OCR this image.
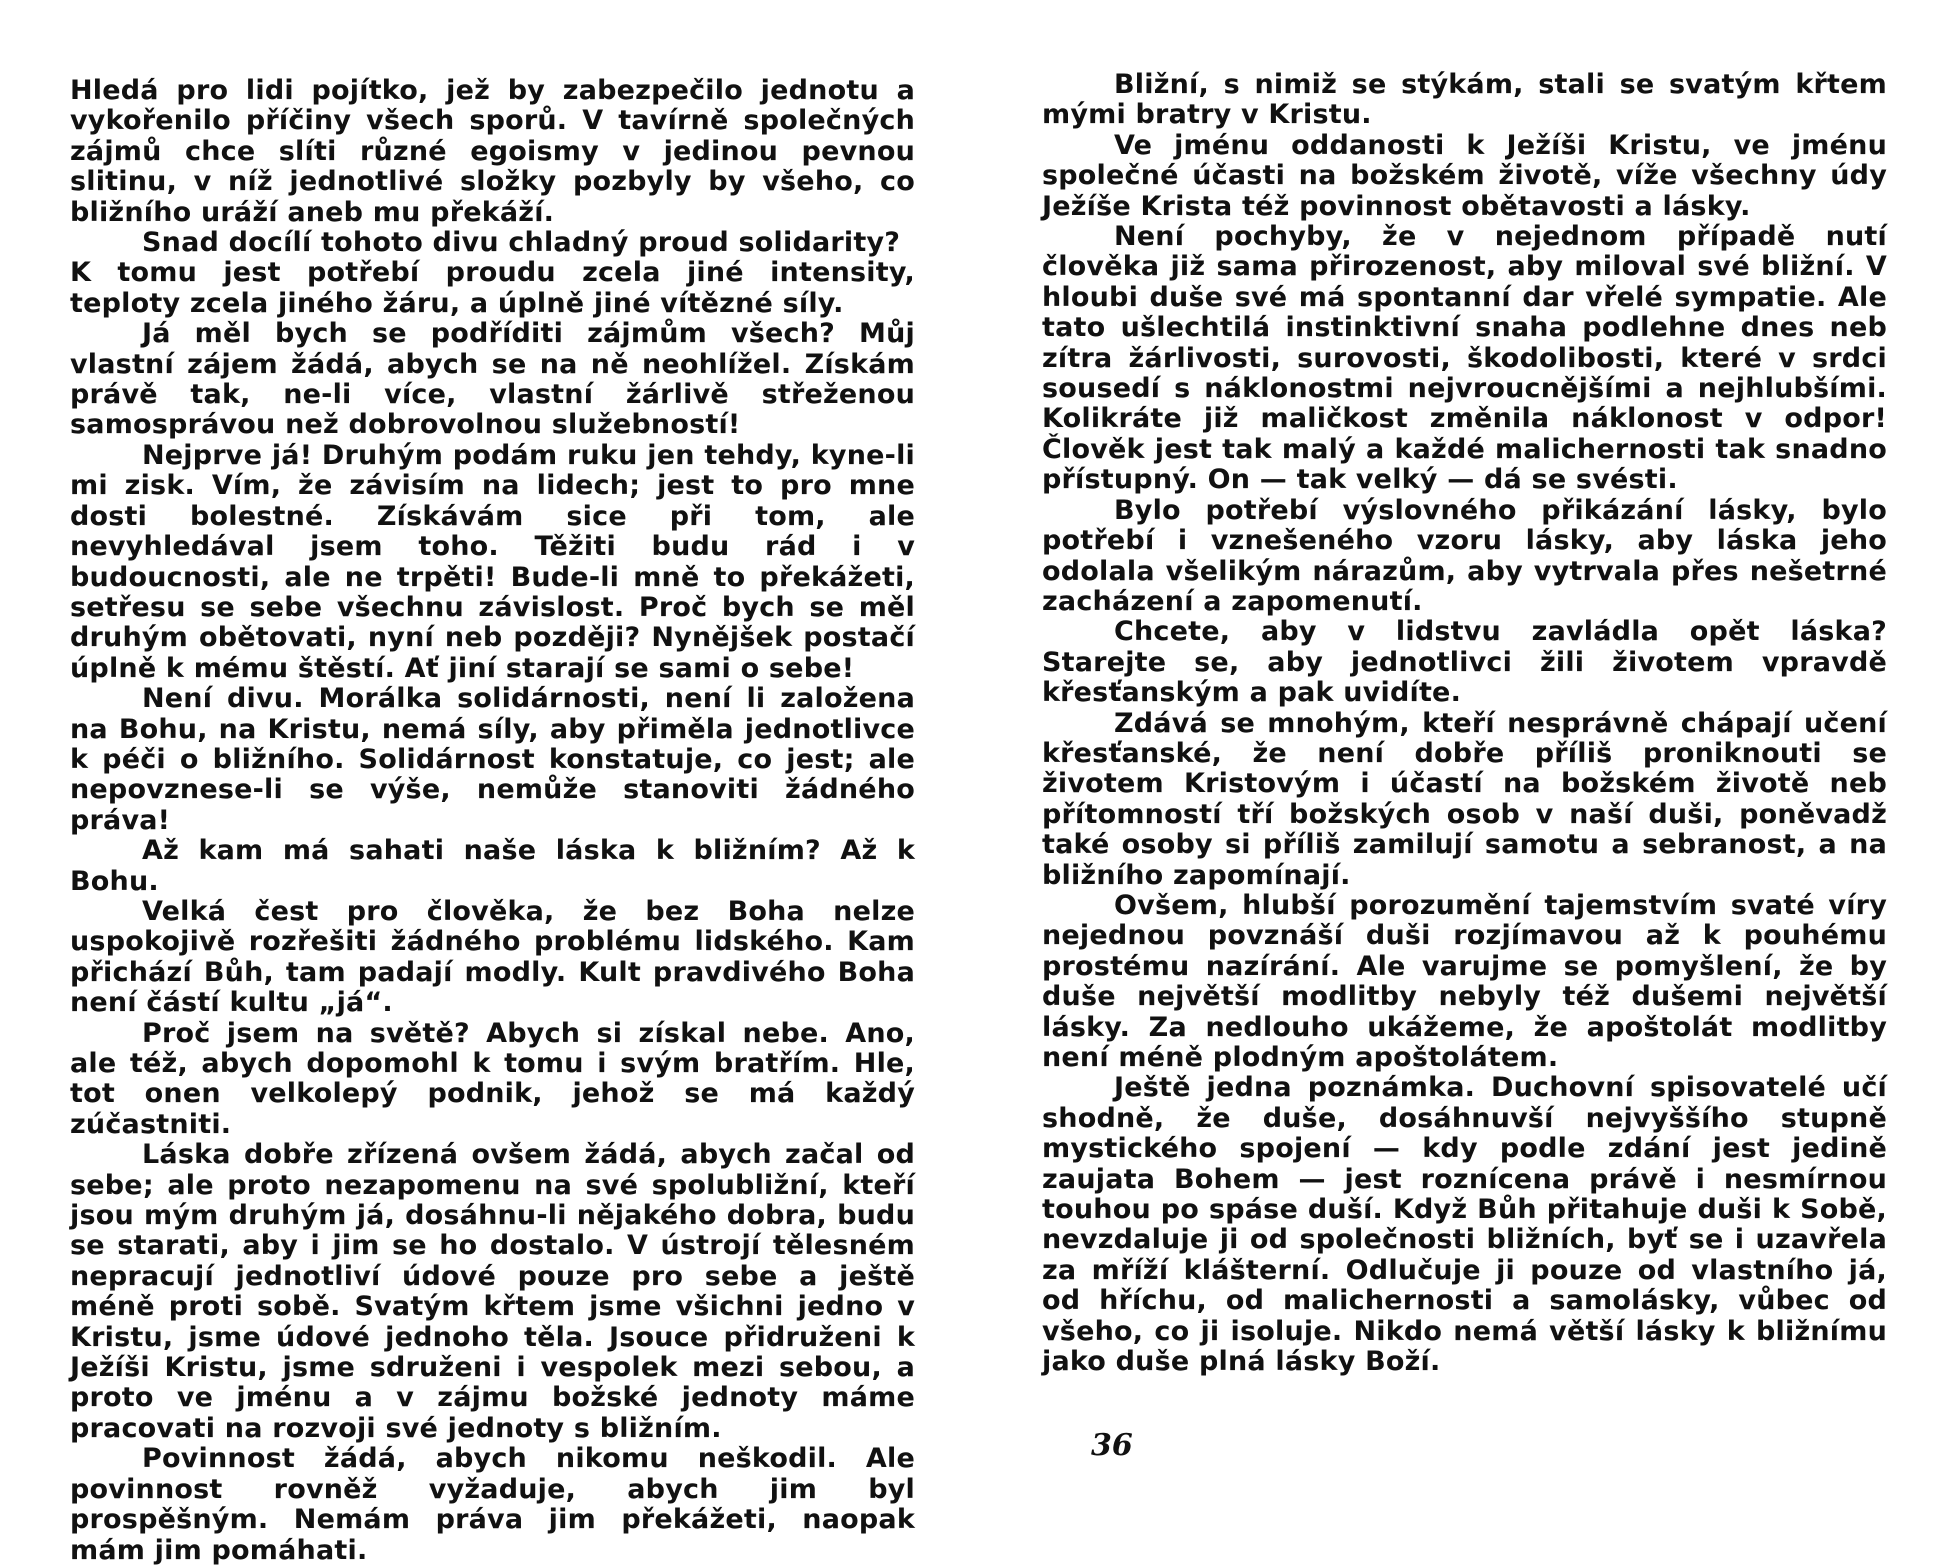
Hledá pro lidi pojítko, jež by zabezpečilo jednotu a vykořenilo příčiny všech sporů. V tavírně společných zájmů chce slíti různé egoismy v jedinou pevnou slitinu, v níž jednotlivé složky pozbyly by všeho, co bližního uráží aneb mu překáží.

Snad docílí tohoto divu chladný proud solidarity?

K tomu jest potřebí proudu zcela jiné intensity, teploty zcela jiného žáru, a úplně jiné vítězné síly.

Já měl bych se podříditi zájmům všech? Můj vlastní zájem žádá, abych se na ně neohlížel. Získám právě tak, ne-li více, vlastní žárlivě střeženou samosprávou než dobrovolnou služebností!

Nejprve já! Druhým podám ruku jen tehdy, kyne-li mi zisk. Vím, že závisím na lidech; jest to pro mne dosti bolestné. Získávám sice při tom, ale nevyhledával jsem toho. Těžiti budu rád i v budoucnosti, ale ne trpěti! Bude-li mně to překážeti, setřesu se sebe všechnu závislost. Proč bych se měl druhým obětovati, nyní neb později? Nynějšek postačí úplně k mému štěstí. Ať jiní starají se sami o sebe!

Není divu. Morálka solidárnosti, není li založena na Bohu, na Kristu, nemá síly, aby přiměla jednotlivce k péči o bližního. Solidárnost konstatuje, co jest; ale nepovznese-li se výše, nemůže stanoviti žádného práva!

Až kam má sahati naše láska k bližním? Až k Bohu.

Velká čest pro člověka, že bez Boha nelze uspokojivě rozřešiti žádného problému lidského. Kam přichází Bůh, tam padají modly. Kult pravdivého Boha není částí kultu „já“.

Proč jsem na světě? Abych si získal nebe. Ano, ale též, abych dopomohl k tomu i svým bratřím. Hle, tot onen velkolepý podnik, jehož se má každý zúčastniti.

Láska dobře zřízená ovšem žádá, abych začal od sebe; ale proto nezapomenu na své spolubližní, kteří jsou mým druhým já, dosáhnu-li nějakého dobra, budu se starati, aby i jim se ho dostalo. V ústrojí tělesném nepracují jednotliví údové pouze pro sebe a ještě méně proti sobě. Svatým křtem jsme všichni jedno v Kristu, jsme údové jednoho těla. Jsouce přidruženi k Ježíši Kristu, jsme sdruženi i vespolek mezi sebou, a proto ve jménu a v zájmu božské jednoty máme pracovati na rozvoji své jednoty s bližním.

Povinnost žádá, abych nikomu neškodil. Ale povinnost rovněž vyžaduje, abych jim byl prospěšným. Nemám práva jim překážeti, naopak mám jim pomáhati.

Bližní, s nimiž se stýkám, stali se svatým křtem mými bratry v Kristu.

Ve jménu oddanosti k Ježíši Kristu, ve jménu společné účasti na božském životě, víže všechny údy Ježíše Krista též povinnost obětavosti a lásky.

Není pochyby, že v nejednom případě nutí člověka již sama přirozenost, aby miloval své bližní. V hloubi duše své má spontanní dar vřelé sympatie. Ale tato ušlechtilá instinktivní snaha podlehne dnes neb zítra žárlivosti, surovosti, škodolibosti, které v srdci sousedí s náklonostmi nejvroucnějšími a nejhlubšími. Kolikráte již maličkost změnila náklonost v odpor! Člověk jest tak malý a každé malichernosti tak snadno přístupný. On — tak velký — dá se svésti.

Bylo potřebí výslovného přikázání lásky, bylo potřebí i vznešeného vzoru lásky, aby láska jeho odolala všelikým nárazům, aby vytrvala přes nešetrné zacházení a zapomenutí.

Chcete, aby v lidstvu zavládla opět láska? Starejte se, aby jednotlivci žili životem vpravdě křesťanským a pak uvidíte.

Zdává se mnohým, kteří nesprávně chápají učení křesťanské, že není dobře příliš proniknouti se životem Kristovým i účastí na božském životě neb přítomností tří božských osob v naší duši, poněvadž také osoby si příliš zamilují samotu a sebranost, a na bližního zapomínají.

Ovšem, hlubší porozumění tajemstvím svaté víry nejednou povznáší duši rozjímavou až k pouhému prostému nazírání. Ale varujme se pomyšlení, že by duše největší modlitby nebyly též dušemi největší lásky. Za nedlouho ukážeme, že apoštolát modlitby není méně plodným apoštolátem.

Ještě jedna poznámka. Duchovní spisovatelé učí shodně, že duše, dosáhnuvší nejvyššího stupně mystického spojení — kdy podle zdání jest jedině zaujata Bohem — jest roznícena právě i nesmírnou touhou po spáse duší. Když Bůh přitahuje duši k Sobě, nevzdaluje ji od společnosti bližních, byť se i uzavřela za mříží klášterní. Odlučuje ji pouze od vlastního já, od hříchu, od malichernosti a samolásky, vůbec od všeho, co ji isoluje. Nikdo nemá větší lásky k bližnímu jako duše plná lásky Boží.

36
